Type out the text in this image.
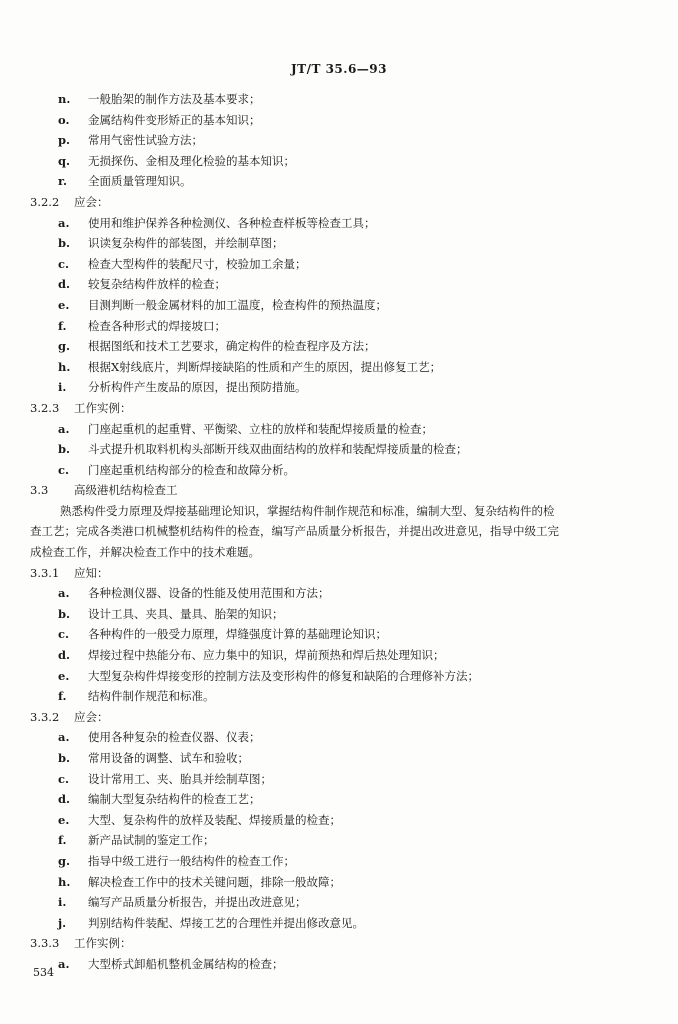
JT/T 35.6—93
n.	一般胎架的制作方法及基本要求；
o.	金属结构件变形矫正的基本知识；
p.	常用气密性试验方法；
q.	无损探伤、金相及理化检验的基本知识；
r.	全面质量管理知识。
3.2.2	应会：
a.	使用和维护保养各种检测仪、各种检查样板等检查工具；
b.	识读复杂构件的部装图，并绘制草图；
c.	检查大型构件的装配尺寸，校验加工余量；
d.	较复杂结构件放样的检查；
e.	目测判断一般金属材料的加工温度，检查构件的预热温度；
f.	检查各种形式的焊接坡口；
g.	根据图纸和技术工艺要求，确定构件的检查程序及方法；
h.	根据X射线底片，判断焊接缺陷的性质和产生的原因，提出修复工艺；
i.	分析构件产生废品的原因，提出预防措施。
3.2.3	工作实例：
a.	门座起重机的起重臂、平衡梁、立柱的放样和装配焊接质量的检查；
b.	斗式提升机取料机构头部断开线双曲面结构的放样和装配焊接质量的检查；
c.	门座起重机结构部分的检查和故障分析。
3.3	高级港机结构检查工
熟悉构件受力原理及焊接基础理论知识，掌握结构件制作规范和标准，编制大型、复杂结构件的检
查工艺；完成各类港口机械整机结构件的检查，编写产品质量分析报告，并提出改进意见，指导中级工完
成检查工作，并解决检查工作中的技术难题。
3.3.1	应知：
a.	各种检测仪器、设备的性能及使用范围和方法；
b.	设计工具、夹具、量具、胎架的知识；
c.	各种构件的一般受力原理，焊缝强度计算的基础理论知识；
d.	焊接过程中热能分布、应力集中的知识，焊前预热和焊后热处理知识；
e.	大型复杂构件焊接变形的控制方法及变形构件的修复和缺陷的合理修补方法；
f.	结构件制作规范和标准。
3.3.2	应会：
a.	使用各种复杂的检查仪器、仪表；
b.	常用设备的调整、试车和验收；
c.	设计常用工、夹、胎具并绘制草图；
d.	编制大型复杂结构件的检查工艺；
e.	大型、复杂构件的放样及装配、焊接质量的检查；
f.	新产品试制的鉴定工作；
g.	指导中级工进行一般结构件的检查工作；
h.	解决检查工作中的技术关键问题，排除一般故障；
i.	编写产品质量分析报告，并提出改进意见；
j.	判别结构件装配、焊接工艺的合理性并提出修改意见。
3.3.3	工作实例：
a.	大型桥式卸船机整机金属结构的检查；
534
